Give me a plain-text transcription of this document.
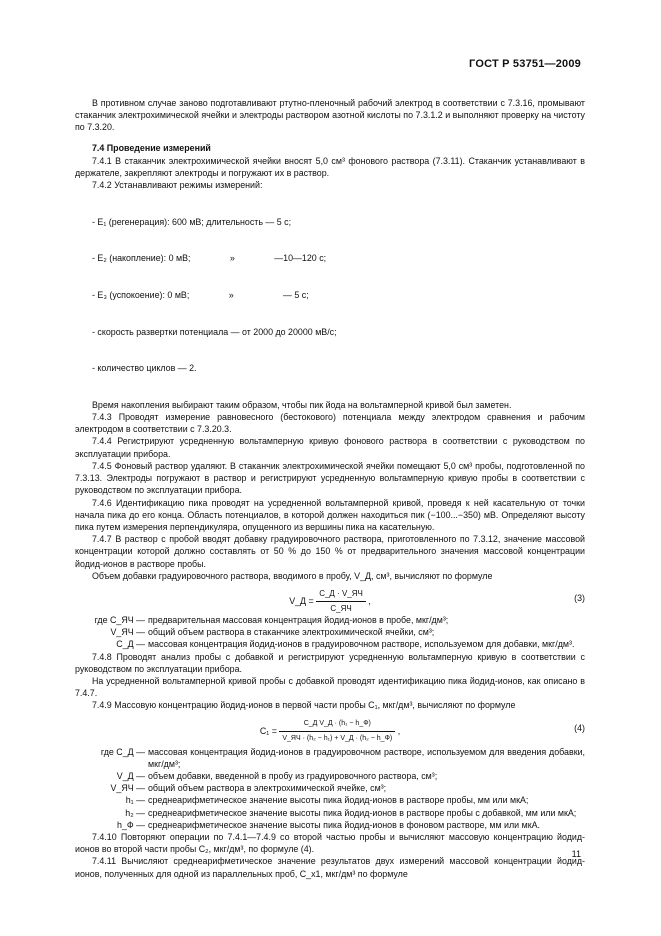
ГОСТ Р 53751—2009

В противном случае заново подготавливают ртутно-пленочный рабочий электрод в соответствии с 7.3.16, промывают стаканчик электрохимической ячейки и электроды раствором азотной кислоты по 7.3.1.2 и выполняют проверку на чистоту по 7.3.20.

7.4 Проведение измерений

7.4.1 В стаканчик электрохимической ячейки вносят 5,0 см³ фонового раствора (7.3.11). Стаканчик устанавливают в держателе, закрепляют электроды и погружают их в раствор.

7.4.2 Устанавливают режимы измерений:

- E₁ (регенерация): 600 мВ; длительность — 5 с;

- E₂ (накопление): 0 мВ;                »                —10—120 с;

- E₃ (успокоение): 0 мВ;                »                    — 5 с;

- скорость развертки потенциала — от 2000 до 20000 мВ/с;

- количество циклов — 2.

Время накопления выбирают таким образом, чтобы пик йода на вольтамперной кривой был заметен.

7.4.3 Проводят измерение равновесного (бестокового) потенциала между электродом сравнения и рабочим электродом в соответствии с 7.3.20.3.

7.4.4 Регистрируют усредненную вольтамперную кривую фонового раствора в соответствии с руководством по эксплуатации прибора.

7.4.5 Фоновый раствор удаляют. В стаканчик электрохимической ячейки помещают 5,0 см³ пробы, подготовленной по 7.3.13. Электроды погружают в раствор и регистрируют усредненную вольтамперную кривую пробы в соответствии с руководством по эксплуатации прибора.

7.4.6 Идентификацию пика проводят на усредненной вольтамперной кривой, проведя к ней касательную от точки начала пика до его конца. Область потенциалов, в которой должен находиться пик (−100...−350) мВ. Определяют высоту пика путем измерения перпендикуляра, опущенного из вершины пика на касательную.

7.4.7 В раствор с пробой вводят добавку градуировочного раствора, приготовленного по 7.3.12, значение массовой концентрации которой должно составлять от 50 % до 150 % от предварительного значения массовой концентрации йодид-ионов в растворе пробы.

Объем добавки градуировочного раствора, вводимого в пробу, V_Д, см³, вычисляют по формуле

V_Д = $\frac{C\_Д \cdot V\_ЯЧ}{C\_ЯЧ}$ ,	(3)
где C_ЯЧ — предварительная массовая концентрация йодид-ионов в пробе, мкг/дм³;
V_ЯЧ — общий объем раствора в стаканчике электрохимической ячейки, см³;
C_Д — массовая концентрация йодид-ионов в градуировочном растворе, используемом для добавки, мкг/дм³.

7.4.8 Проводят анализ пробы с добавкой и регистрируют усредненную вольтамперную кривую в соответствии с руководством по эксплуатации прибора.

На усредненной вольтамперной кривой пробы с добавкой проводят идентификацию пика йодид-ионов, как описано в 7.4.7.

7.4.9 Массовую концентрацию йодид-ионов в первой части пробы C₁, мкг/дм³, вычисляют по формуле

$C_1 = \frac{\text{C\_Д V\_Д · (h₁ − h\_Ф)}}{\text{V\_ЯЧ · (h₂ − h₁) + V\_Д · (h₂ − h\_Ф)}}$ ,	(4)
где C_Д — массовая концентрация йодид-ионов в градуировочном растворе, используемом для введения добавки, мкг/дм³;
V_Д — объем добавки, введенной в пробу из градуировочного раствора, см³;
V_ЯЧ — общий объем раствора в электрохимической ячейке, см³;
h₁ — среднеарифметическое значение высоты пика йодид-ионов в растворе пробы, мм или мкА;
h₂ — среднеарифметическое значение высоты пика йодид-ионов в растворе пробы с добавкой, мм или мкА;
h_Ф — среднеарифметическое значение высоты пика йодид-ионов в фоновом растворе, мм или мкА.

7.4.10 Повторяют операции по 7.4.1—7.4.9 со второй частью пробы и вычисляют массовую концентрацию йодид-ионов во второй части пробы C₂, мкг/дм³, по формуле (4).

7.4.11 Вычисляют среднеарифметическое значение результатов двух измерений массовой концентрации йодид-ионов, полученных для одной из параллельных проб, C_x1, мкг/дм³ по формуле

11
